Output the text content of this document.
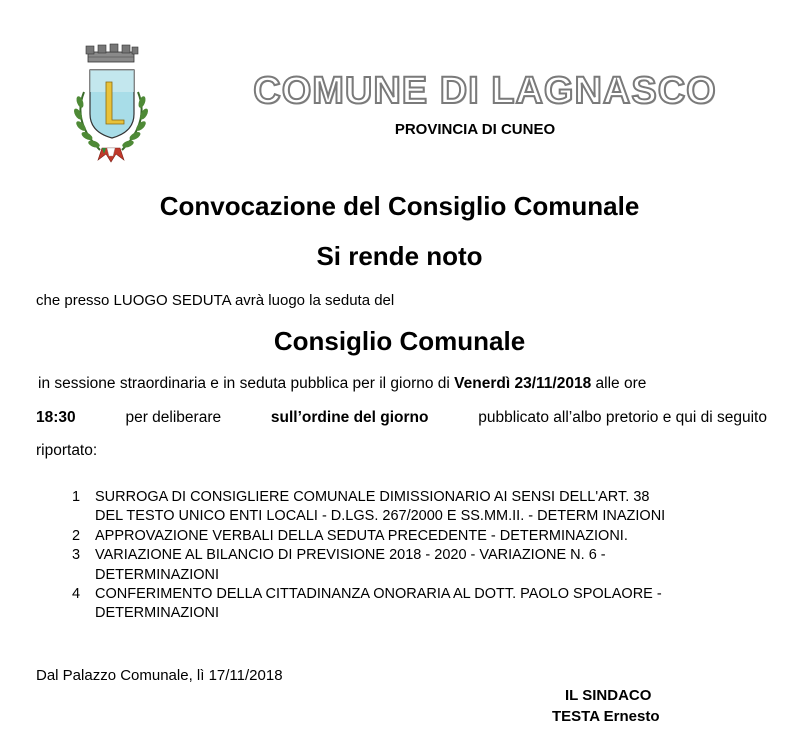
COMUNE DI LAGNASCO
PROVINCIA DI CUNEO
Convocazione del Consiglio Comunale
Si rende noto
che presso LUOGO SEDUTA avrà luogo la seduta del
Consiglio Comunale
in sessione straordinaria e in seduta pubblica per il giorno di Venerdì 23/11/2018 alle ore
18:30	per deliberare	sull’ordine del giorno	pubblicato all’albo pretorio e qui di seguito
riportato:
1 SURROGA DI CONSIGLIERE COMUNALE DIMISSIONARIO AI SENSI DELL'ART. 38
DEL TESTO UNICO ENTI LOCALI - D.LGS. 267/2000 E SS.MM.II. - DETERM INAZIONI
2 APPROVAZIONE VERBALI DELLA SEDUTA PRECEDENTE - DETERMINAZIONI.
3 VARIAZIONE AL BILANCIO DI PREVISIONE 2018 - 2020 - VARIAZIONE N. 6 -
DETERMINAZIONI
4 CONFERIMENTO DELLA CITTADINANZA ONORARIA AL DOTT. PAOLO SPOLAORE -
DETERMINAZIONI
Dal Palazzo Comunale, lì 17/11/2018
IL SINDACO
TESTA Ernesto
